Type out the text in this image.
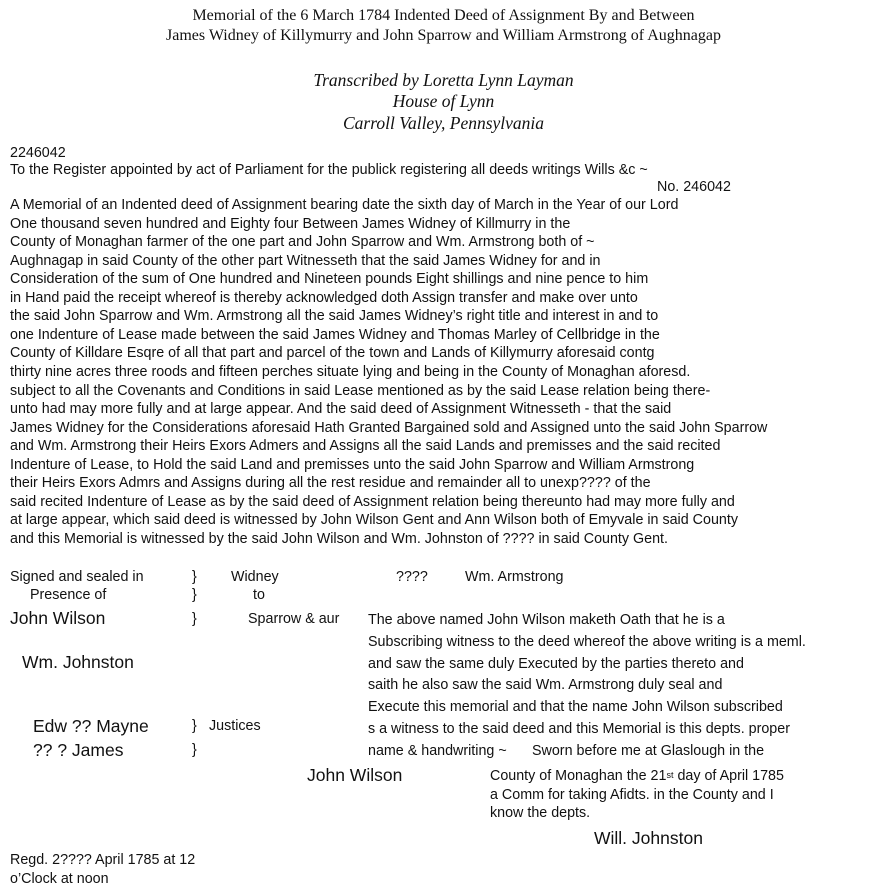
Memorial of the 6 March 1784 Indented Deed of Assignment By and Between
James Widney of Killymurry and John Sparrow and William Armstrong of Aughnagap
Transcribed by Loretta Lynn Layman
House of Lynn
Carroll Valley, Pennsylvania
2246042
To the Register appointed by act of Parliament for the publick registering all deeds writings Wills &c ~
No. 246042
A Memorial of an Indented deed of Assignment bearing date the sixth day of March in the Year of our Lord
One thousand seven hundred and Eighty four Between James Widney of Killmurry in the
County of Monaghan farmer of the one part and John Sparrow and Wm. Armstrong both of ~
Aughnagap in said County of the other part Witnesseth that the said James Widney for and in
Consideration of the sum of One hundred and Nineteen pounds Eight shillings and nine pence to him
in Hand paid the receipt whereof is thereby acknowledged doth Assign transfer and make over unto
the said John Sparrow and Wm. Armstrong all the said James Widney’s right title and interest in and to
one Indenture of Lease made between the said James Widney and Thomas Marley of Cellbridge in the
County of Killdare Esqre of all that part and parcel of the town and Lands of Killymurry aforesaid contg
thirty nine acres three roods and fifteen perches situate lying and being in the County of Monaghan aforesd.
subject to all the Covenants and Conditions in said Lease mentioned as by the said Lease relation being there-
unto had may more fully and at large appear. And the said deed of Assignment Witnesseth - that the said
James Widney for the Considerations aforesaid Hath Granted Bargained sold and Assigned unto the said John Sparrow
and Wm. Armstrong their Heirs Exors Admers and Assigns all the said Lands and premisses and the said recited
Indenture of Lease, to Hold the said Land and premisses unto the said John Sparrow and William Armstrong
their Heirs Exors Admrs and Assigns during all the rest residue and remainder all to unexp???? of the
said recited Indenture of Lease as by the said deed of Assignment relation being thereunto had may more fully and
at large appear, which said deed is witnessed by John Wilson Gent and Ann Wilson both of Emyvale in said County
and this Memorial is witnessed by the said John Wilson and Wm. Johnston of ???? in said County Gent.
Signed and sealed in
Presence of
}
}
}
Widney
to
Sparrow & aur
????	Wm. Armstrong
John Wilson
Wm. Johnston
Edw ?? Mayne
?? ? James
}
}
Justices
The above named John Wilson maketh Oath that he is a
Subscribing witness to the deed whereof the above writing is a meml.
and saw the same duly Executed by the parties thereto and
saith he also saw the said Wm. Armstrong duly seal and
Execute this memorial and that the name John Wilson subscribed
s a witness to the said deed and this Memorial is this depts. proper
name & handwriting ~ Sworn before me at Glaslough in the
John Wilson	County of Monaghan the 21st day of April 1785
a Comm for taking Afidts. in the County and I
know the depts.
Will. Johnston
Regd. 2???? April 1785 at 12
o’Clock at noon
